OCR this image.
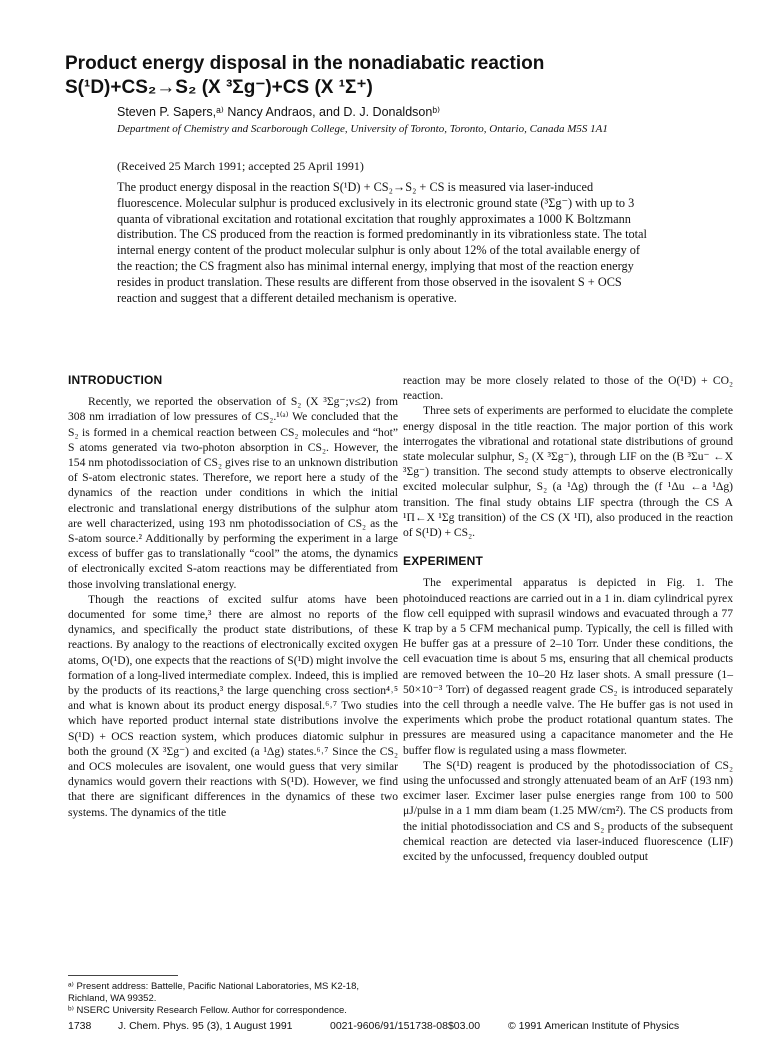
Product energy disposal in the nonadiabatic reaction
S(¹D)+CS₂→S₂ (X ³Σg⁻)+CS (X ¹Σ⁺)
Steven P. Sapers,ᵃ⁾ Nancy Andraos, and D. J. Donaldsonᵇ⁾
Department of Chemistry and Scarborough College, University of Toronto, Toronto, Ontario, Canada M5S 1A1
(Received 25 March 1991; accepted 25 April 1991)

The product energy disposal in the reaction S(¹D) + CS₂→S₂ + CS is measured via laser-induced fluorescence. Molecular sulphur is produced exclusively in its electronic ground state (³Σg⁻) with up to 3 quanta of vibrational excitation and rotational excitation that roughly approximates a 1000 K Boltzmann distribution. The CS produced from the reaction is formed predominantly in its vibrationless state. The total internal energy content of the product molecular sulphur is only about 12% of the total available energy of the reaction; the CS fragment also has minimal internal energy, implying that most of the reaction energy resides in product translation. These results are different from those observed in the isovalent S + OCS reaction and suggest that a different detailed mechanism is operative.

INTRODUCTION

Recently, we reported the observation of S₂ (X ³Σg⁻;v≤2) from 308 nm irradiation of low pressures of CS₂.¹⁽ᵃ⁾ We concluded that the S₂ is formed in a chemical reaction between CS₂ molecules and “hot” S atoms generated via two-photon absorption in CS₂. However, the 154 nm photodissociation of CS₂ gives rise to an unknown distribution of S-atom electronic states. Therefore, we report here a study of the dynamics of the reaction under conditions in which the initial electronic and translational energy distributions of the sulphur atom are well characterized, using 193 nm photodissociation of CS₂ as the S-atom source.² Additionally by performing the experiment in a large excess of buffer gas to translationally “cool” the atoms, the dynamics of electronically excited S-atom reactions may be differentiated from those involving translational energy.

Though the reactions of excited sulfur atoms have been documented for some time,³ there are almost no reports of the dynamics, and specifically the product state distributions, of these reactions. By analogy to the reactions of electronically excited oxygen atoms, O(¹D), one expects that the reactions of S(¹D) might involve the formation of a long-lived intermediate complex. Indeed, this is implied by the products of its reactions,³ the large quenching cross section⁴˒⁵ and what is known about its product energy disposal.⁶˒⁷ Two studies which have reported product internal state distributions involve the S(¹D) + OCS reaction system, which produces diatomic sulphur in both the ground (X ³Σg⁻) and excited (a ¹Δg) states.⁶˒⁷ Since the CS₂ and OCS molecules are isovalent, one would guess that very similar dynamics would govern their reactions with S(¹D). However, we find that there are significant differences in the dynamics of these two systems. The dynamics of the title

reaction may be more closely related to those of the O(¹D) + CO₂ reaction.

Three sets of experiments are performed to elucidate the complete energy disposal in the title reaction. The major portion of this work interrogates the vibrational and rotational state distributions of ground state molecular sulphur, S₂ (X ³Σg⁻), through LIF on the (B ³Σu⁻ ←X ³Σg⁻) transition. The second study attempts to observe electronically excited molecular sulphur, S₂ (a ¹Δg) through the (f ¹Δu ←a ¹Δg) transition. The final study obtains LIF spectra (through the CS A ¹Π←X ¹Σg transition) of the CS (X ¹Π), also produced in the reaction of S(¹D) + CS₂.

EXPERIMENT

The experimental apparatus is depicted in Fig. 1. The photoinduced reactions are carried out in a 1 in. diam cylindrical pyrex flow cell equipped with suprasil windows and evacuated through a 77 K trap by a 5 CFM mechanical pump. Typically, the cell is filled with He buffer gas at a pressure of 2–10 Torr. Under these conditions, the cell evacuation time is about 5 ms, ensuring that all chemical products are removed between the 10–20 Hz laser shots. A small pressure (1–50×10⁻³ Torr) of degassed reagent grade CS₂ is introduced separately into the cell through a needle valve. The He buffer gas is not used in experiments which probe the product rotational quantum states. The pressures are measured using a capacitance manometer and the He buffer flow is regulated using a mass flowmeter.

The S(¹D) reagent is produced by the photodissociation of CS₂ using the unfocussed and strongly attenuated beam of an ArF (193 nm) excimer laser. Excimer laser pulse energies range from 100 to 500 μJ/pulse in a 1 mm diam beam (1.25 MW/cm²). The CS products from the initial photodissociation and CS and S₂ products of the subsequent chemical reaction are detected via laser-induced fluorescence (LIF) excited by the unfocussed, frequency doubled output

ᵃ⁾ Present address: Battelle, Pacific National Laboratories, MS K2-18, Richland, WA 99352.
ᵇ⁾ NSERC University Research Fellow. Author for correspondence.
1738	J. Chem. Phys. 95 (3), 1 August 1991	0021-9606/91/151738-08$03.00	© 1991 American Institute of Physics
